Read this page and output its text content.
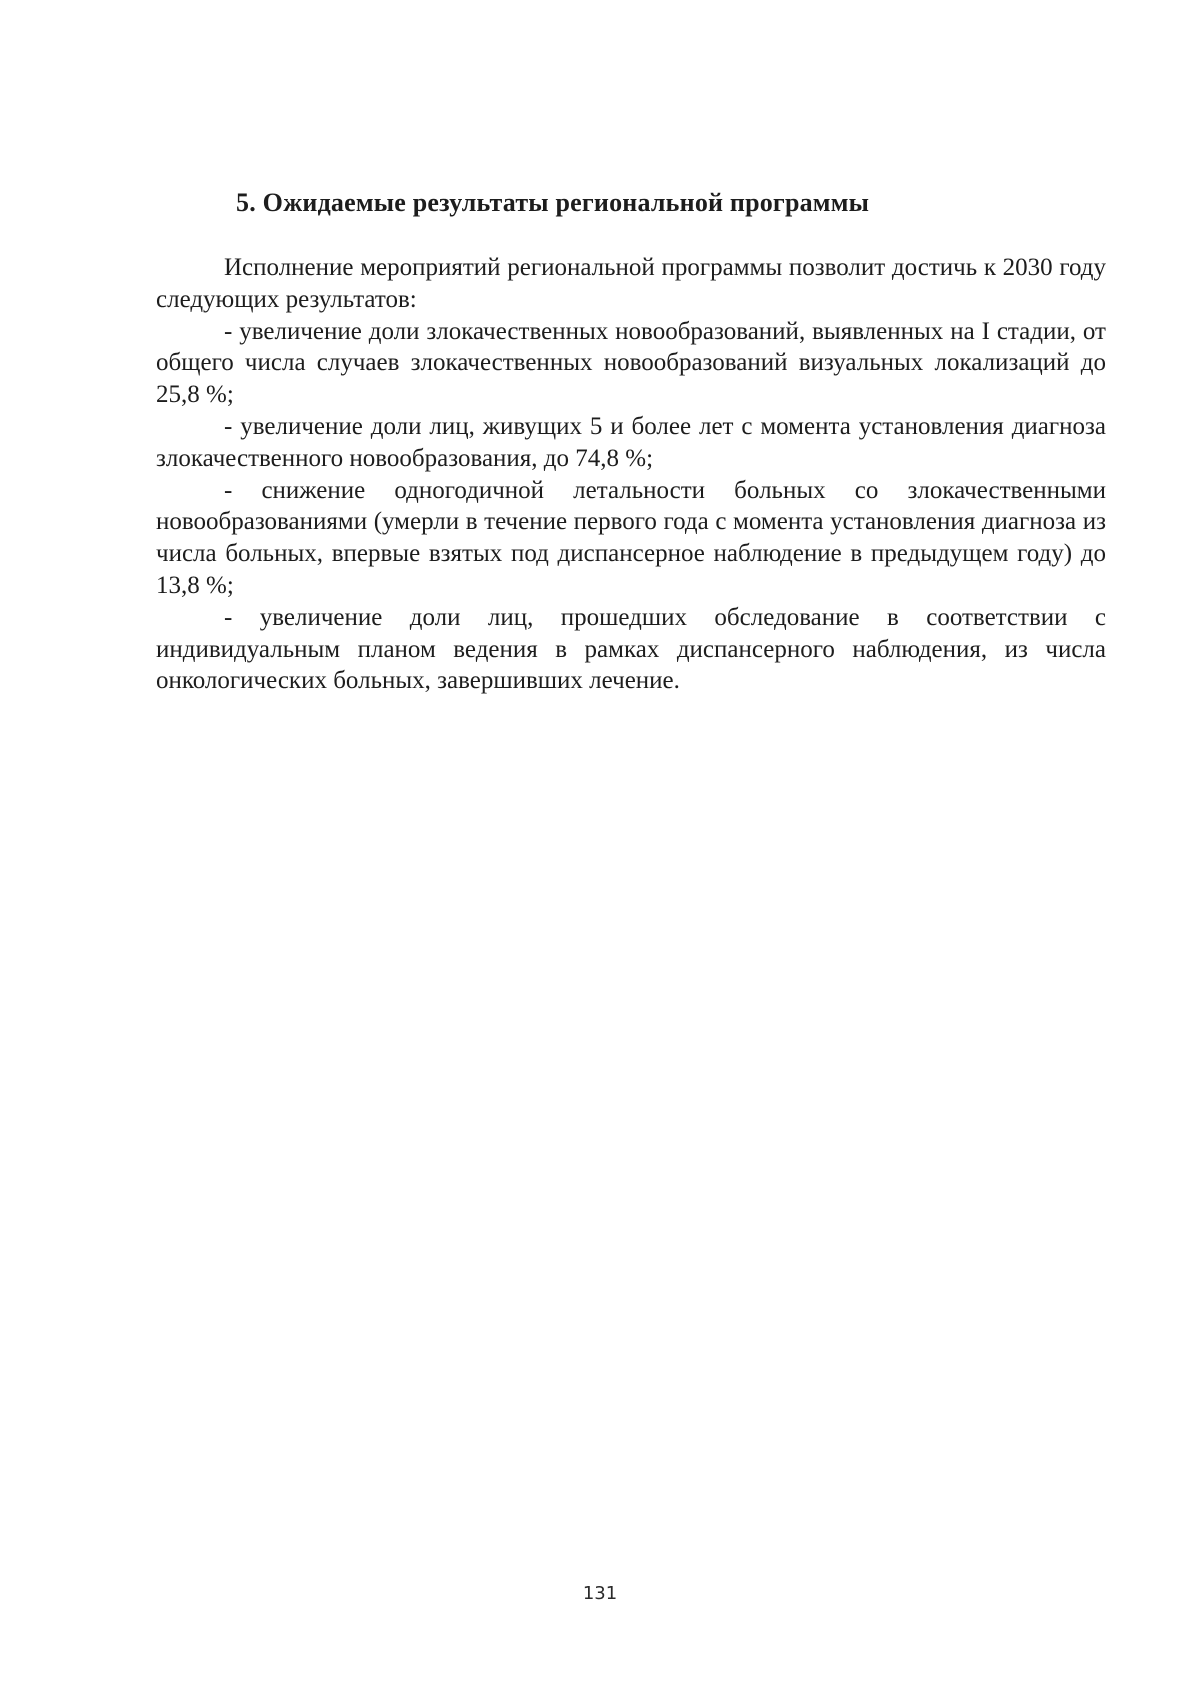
5. Ожидаемые результаты региональной программы

Исполнение мероприятий региональной программы позволит достичь к 2030 году следующих результатов:

- увеличение доли злокачественных новообразований, выявленных на I стадии, от общего числа случаев злокачественных новообразований визуальных локализаций до 25,8 %;

- увеличение доли лиц, живущих 5 и более лет с момента установления диагноза злокачественного новообразования, до 74,8 %;

- снижение одногодичной летальности больных со злокачественными новообразованиями (умерли в течение первого года с момента установления диагноза из числа больных, впервые взятых под диспансерное наблюдение в предыдущем году) до 13,8 %;

- увеличение доли лиц, прошедших обследование в соответствии с индивидуальным планом ведения в рамках диспансерного наблюдения, из числа онкологических больных, завершивших лечение.

131
